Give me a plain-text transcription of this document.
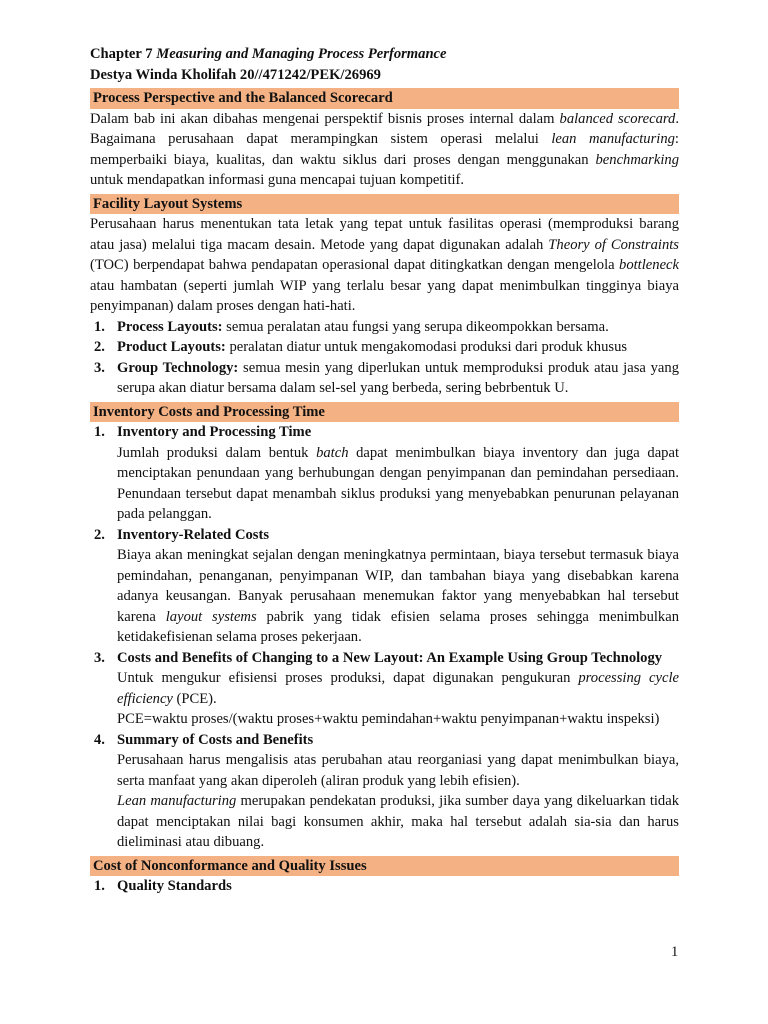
Chapter 7 Measuring and Managing Process Performance
Destya Winda Kholifah 20//471242/PEK/26969
Process Perspective and the Balanced Scorecard

Dalam bab ini akan dibahas mengenai perspektif bisnis proses internal dalam balanced scorecard. Bagaimana perusahaan dapat merampingkan sistem operasi melalui lean manufacturing: memperbaiki biaya, kualitas, dan waktu siklus dari proses dengan menggunakan benchmarking untuk mendapatkan informasi guna mencapai tujuan kompetitif.

Facility Layout Systems

Perusahaan harus menentukan tata letak yang tepat untuk fasilitas operasi (memproduksi barang atau jasa) melalui tiga macam desain. Metode yang dapat digunakan adalah Theory of Constraints (TOC) berpendapat bahwa pendapatan operasional dapat ditingkatkan dengan mengelola bottleneck atau hambatan (seperti jumlah WIP yang terlalu besar yang dapat menimbulkan tingginya biaya penyimpanan) dalam proses dengan hati-hati.

1. Process Layouts: semua peralatan atau fungsi yang serupa dikeompokkan bersama.

2. Product Layouts: peralatan diatur untuk mengakomodasi produksi dari produk khusus

3. Group Technology: semua mesin yang diperlukan untuk memproduksi produk atau jasa yang serupa akan diatur bersama dalam sel-sel yang berbeda, sering bebrbentuk U.

Inventory Costs and Processing Time
1. Inventory and Processing Time

Jumlah produksi dalam bentuk batch dapat menimbulkan biaya inventory dan juga dapat menciptakan penundaan yang berhubungan dengan penyimpanan dan pemindahan persediaan. Penundaan tersebut dapat menambah siklus produksi yang menyebabkan penurunan pelayanan pada pelanggan.

2. Inventory-Related Costs

Biaya akan meningkat sejalan dengan meningkatnya permintaan, biaya tersebut termasuk biaya pemindahan, penanganan, penyimpanan WIP, dan tambahan biaya yang disebabkan karena adanya keusangan. Banyak perusahaan menemukan faktor yang menyebabkan hal tersebut karena layout systems pabrik yang tidak efisien selama proses sehingga menimbulkan ketidakefisienan selama proses pekerjaan.

3. Costs and Benefits of Changing to a New Layout: An Example Using Group Technology

Untuk mengukur efisiensi proses produksi, dapat digunakan pengukuran processing cycle efficiency (PCE).

PCE=waktu proses/(waktu proses+waktu pemindahan+waktu penyimpanan+waktu inspeksi)
4. Summary of Costs and Benefits

Perusahaan harus mengalisis atas perubahan atau reorganiasi yang dapat menimbulkan biaya, serta manfaat yang akan diperoleh (aliran produk yang lebih efisien).

Lean manufacturing merupakan pendekatan produksi, jika sumber daya yang dikeluarkan tidak dapat menciptakan nilai bagi konsumen akhir, maka hal tersebut adalah sia-sia dan harus dieliminasi atau dibuang.

Cost of Nonconformance and Quality Issues
1. Quality Standards
1
